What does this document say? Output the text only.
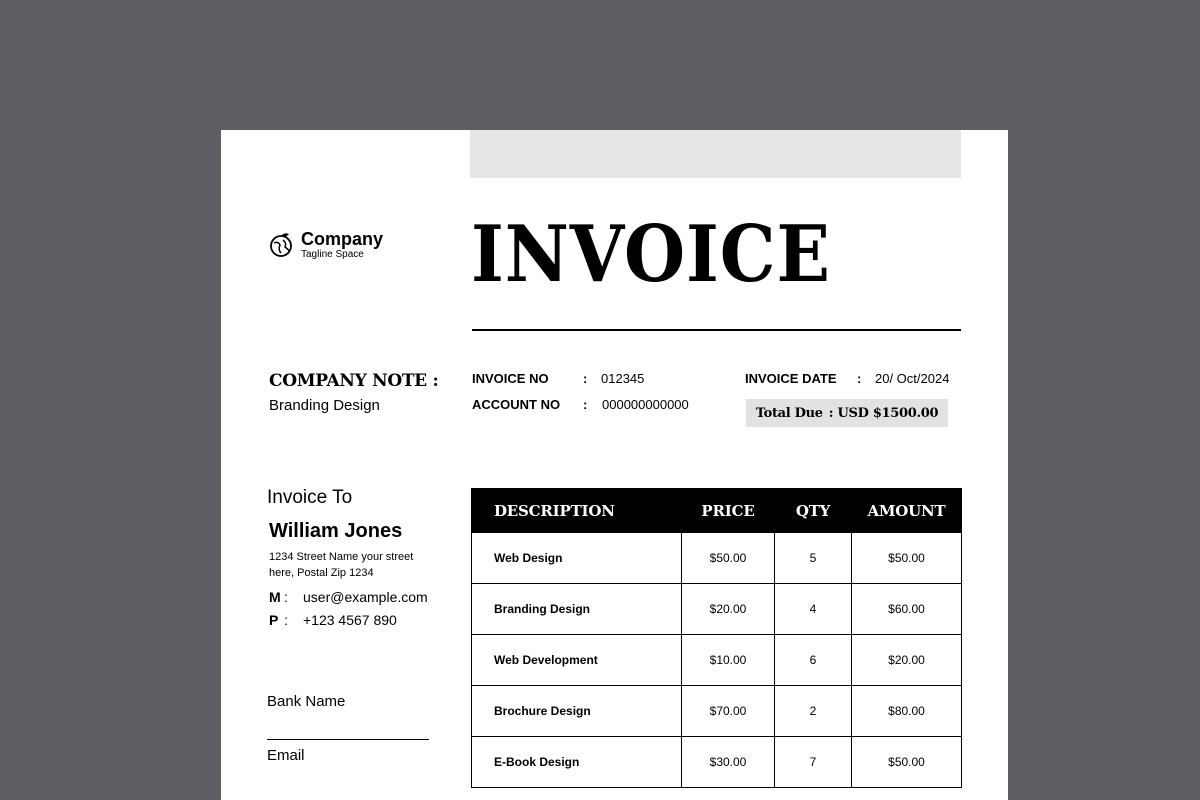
Company
Tagline Space INVOICE
COMPANY NOTE :
Branding Design
INVOICE NO	: 012345
ACCOUNT NO : 000000000000
INVOICE DATE : 20/ Oct/2024
Total Due : USD $1500.00
Invoice To
William Jones
1234 Street Name your street here, Postal Zip 1234
M :	user@example.com
P :	+123 4567 890
Bank Name
Email
DESCRIPTION	PRICE	QTY	AMOUNT
Web Design	$50.00	5	$50.00
Branding Design	$20.00	4	$60.00
Web Development	$10.00	6	$20.00
Brochure Design	$70.00	2	$80.00
E-Book Design	$30.00	7	$50.00
